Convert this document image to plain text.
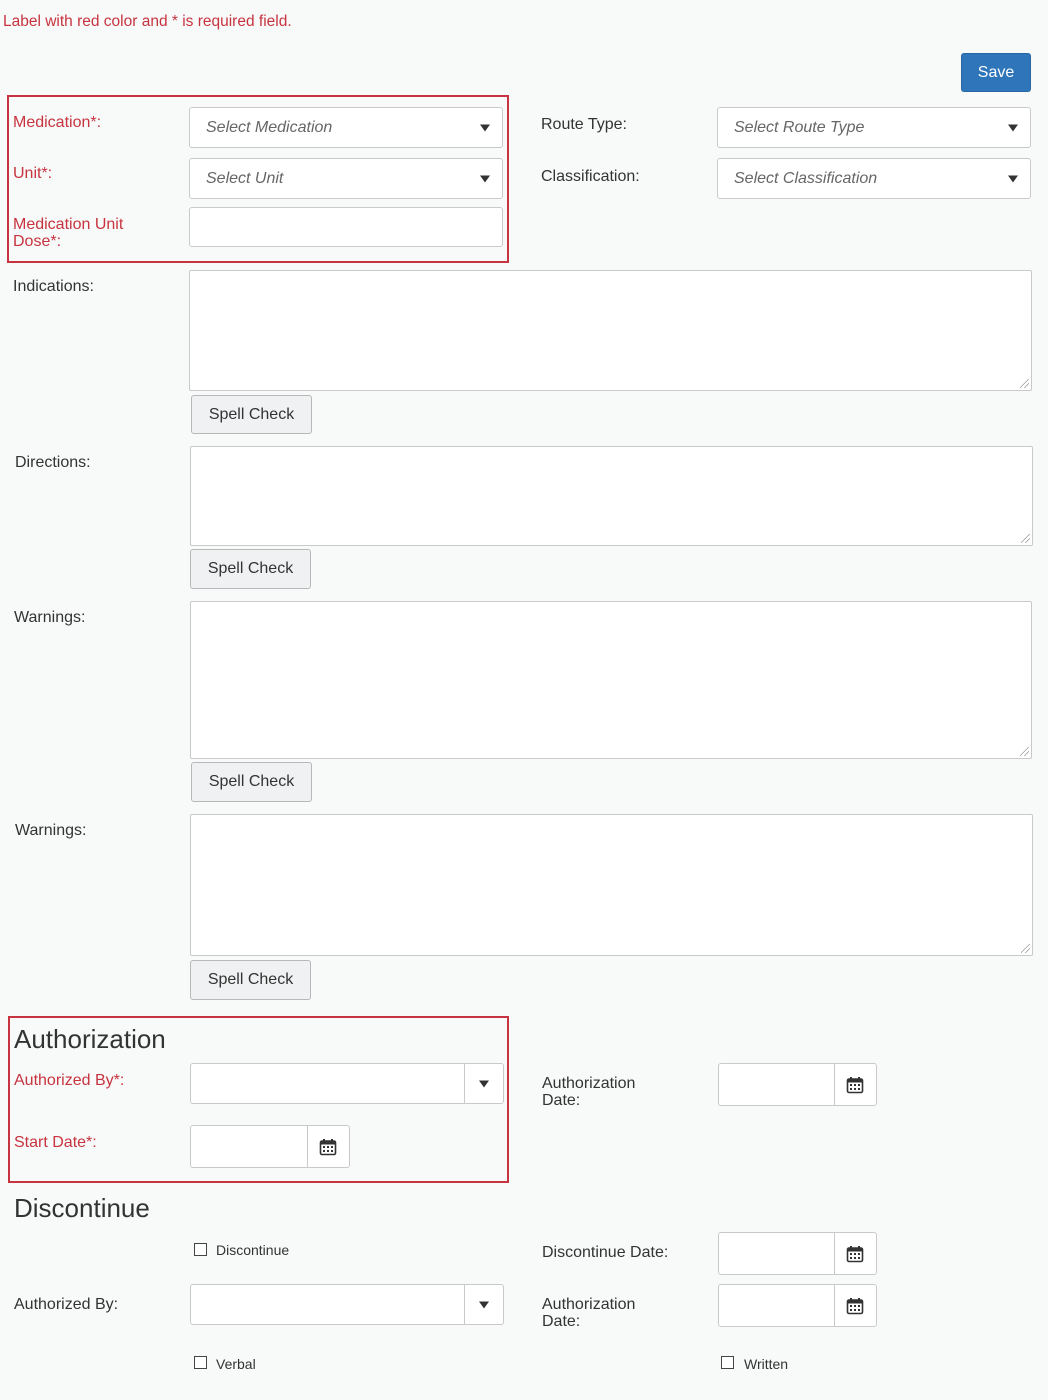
Label with red color and * is required field.
Save
Medication*:	Select Medication
Unit*:	Select Unit
Medication Unit
Dose*:
Route Type:	Select Route Type
Classification:	Select Classification
Indications:
Spell Check
Directions:
Spell Check
Warnings:
Spell Check
Warnings:
Spell Check
Authorization
Authorized By*:
Start Date*:
Authorization
Date:
Discontinue
Discontinue	Discontinue Date:
Authorized By:	Authorization
Date:
Verbal	Written
